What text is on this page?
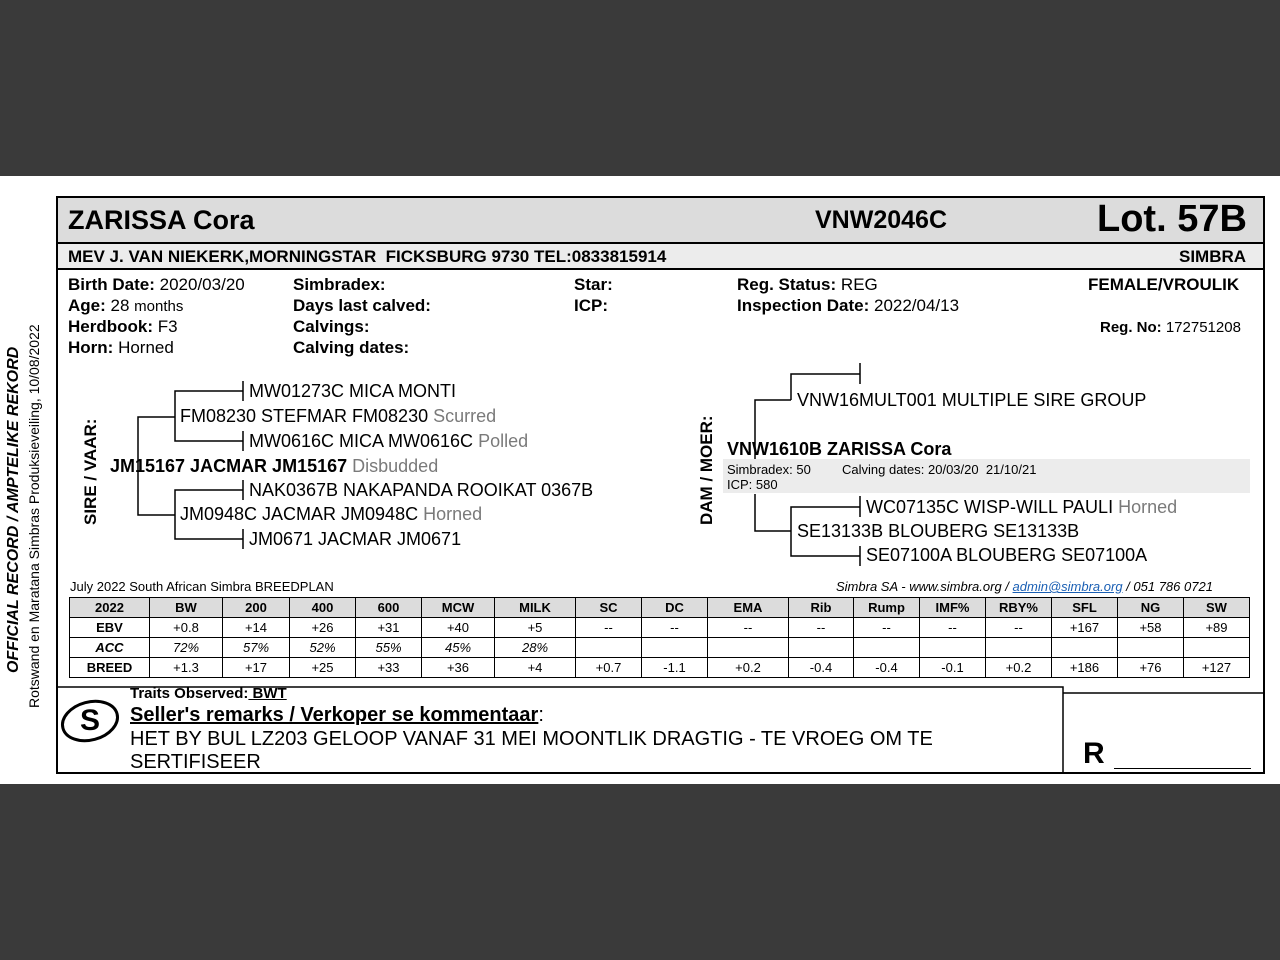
OFFICIAL RECORD / AMPTELIKE REKORD Rotswand en Maratana Simbras Produksieveiling, 10/08/2022
ZARISSA Cora	VNW2046C	Lot. 57B
MEV J. VAN NIEKERK,MORNINGSTAR  FICKSBURG 9730 TEL:0833815914	SIMBRA
Birth Date: 2020/03/20
Age: 28 months
Herdbook: F3
Horn: Horned
Simbradex:
Days last calved:
Calvings:
Calving dates:
Star:
ICP:
Reg. Status: REG
Inspection Date: 2022/04/13
FEMALE/VROULIK
Reg. No: 172751208
SIRE / VAAR:
MW01273C MICA MONTI
FM08230 STEFMAR FM08230 Scurred
MW0616C MICA MW0616C Polled
JM15167 JACMAR JM15167 Disbudded
NAK0367B NAKAPANDA ROOIKAT 0367B
JM0948C JACMAR JM0948C Horned
JM0671 JACMAR JM0671
DAM / MOER:
VNW16MULT001 MULTIPLE SIRE GROUP
VNW1610B ZARISSA Cora
Simbradex: 50 Calving dates: 20/03/20  21/10/21
ICP: 580
WC07135C WISP-WILL PAULI Horned
SE13133B BLOUBERG SE13133B
SE07100A BLOUBERG SE07100A
July 2022 South African Simbra BREEDPLAN	Simbra SA - www.simbra.org / admin@simbra.org / 051 786 0721
2022	BW	200	400	600	MCW	MILK	SC	DC	EMA	Rib	Rump	IMF%	RBY%	SFL	NG	SW
EBV	+0.8	+14	+26	+31	+40	+5	--	--	--	--	--	--	--	+167	+58	+89
ACC	72%	57%	52%	55%	45%	28%										
BREED	+1.3	+17	+25	+33	+36	+4	+0.7	-1.1	+0.2	-0.4	-0.4	-0.1	+0.2	+186	+76	+127
S
Traits Observed: BWT
Seller's remarks / Verkoper se kommentaar:
HET BY BUL LZ203 GELOOP VANAF 31 MEI MOONTLIK DRAGTIG - TE VROEG OM TE
SERTIFISEER	R
